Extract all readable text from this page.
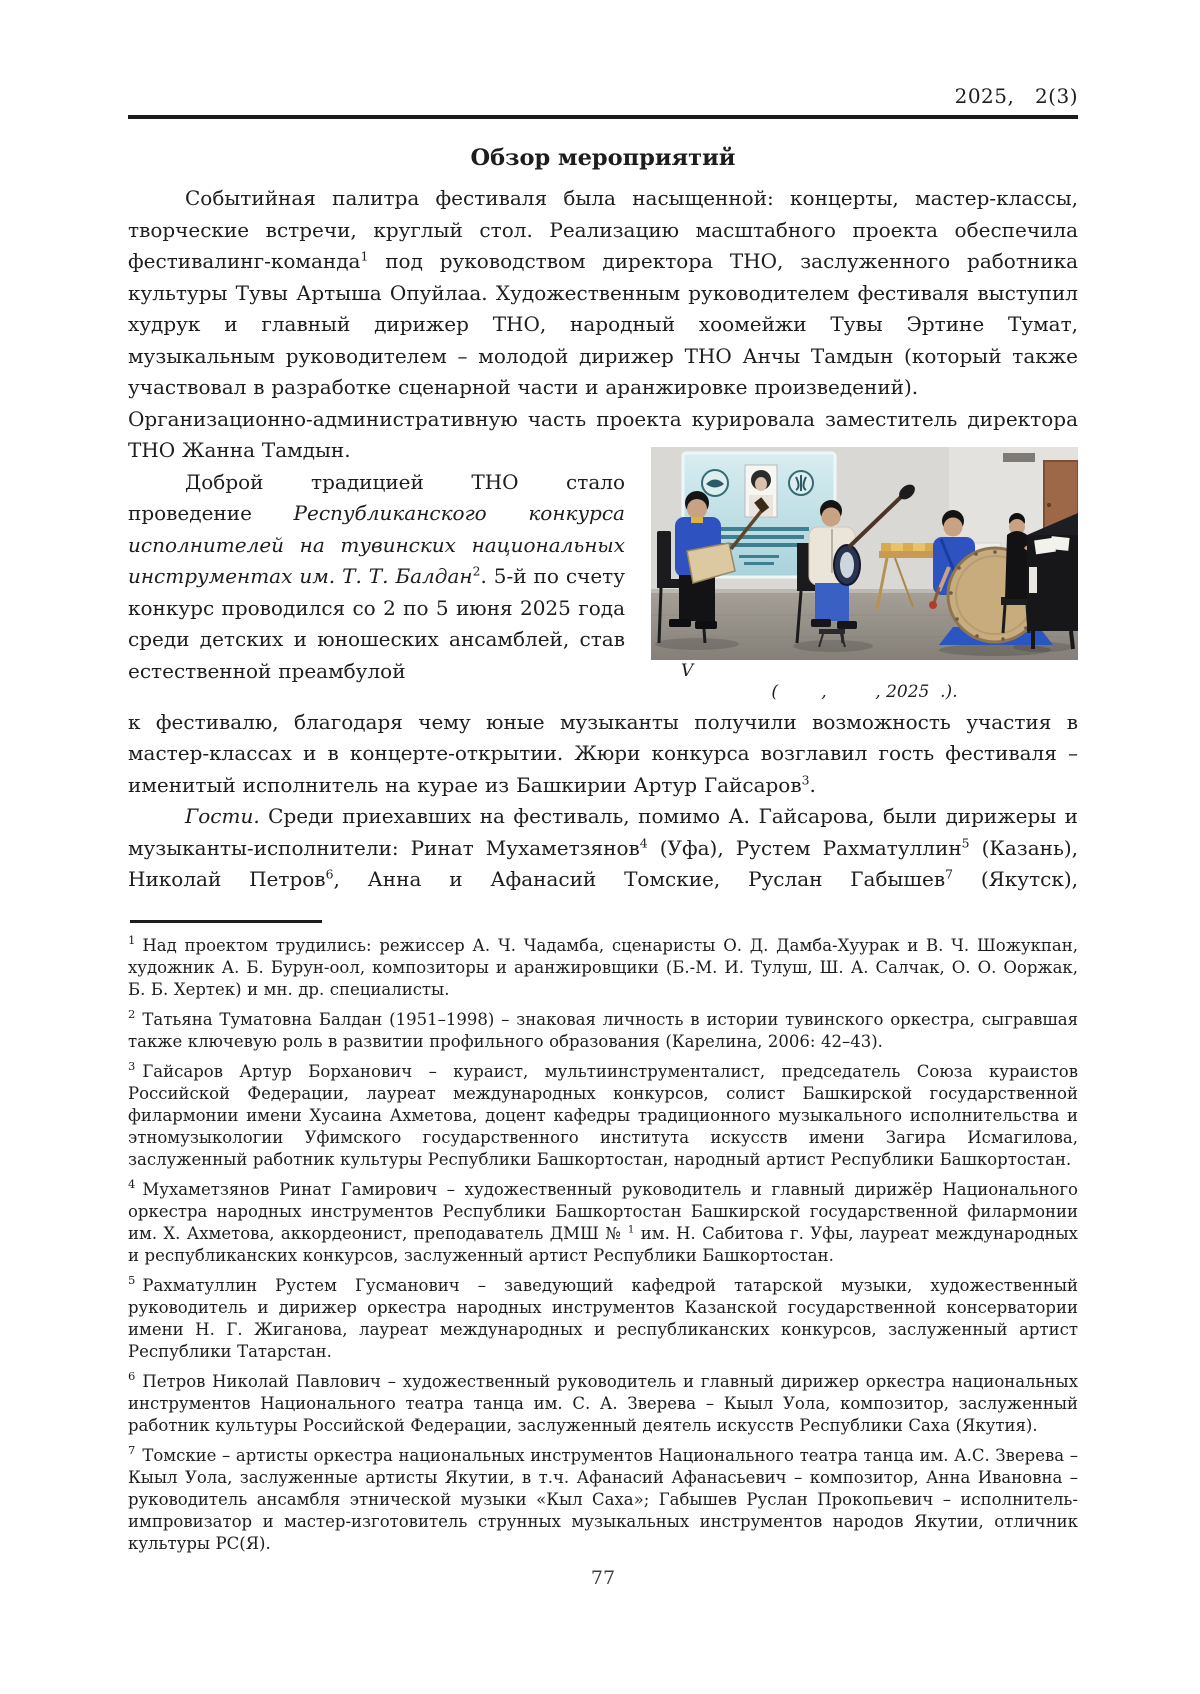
2025,   2(3)
Обзор мероприятий

Событийная палитра фестиваля была насыщенной: концерты, мастер-классы, творческие встречи, круглый стол. Реализацию масштабного проекта обеспечила фестивалинг-команда$^1$ под руководством директора ТНО, заслуженного работника культуры Тувы Артыша Опуйлаа. Художественным руководителем фестиваля выступил худрук и главный дирижер ТНО, народный хоомейжи Тувы Эртине Тумат, музыкальным руководителем – молодой дирижер ТНО Анчы Тамдын (который также участвовал в разработке сценарной части и аранжировке произведений).

Организационно-административную часть проекта курировала заместитель директора ТНО Жанна Тамдын.

V
(        ,         , 2025  .).

Доброй традицией ТНО стало проведение Республиканского конкурса исполнителей на тувинских национальных инструментах им. Т. Т. Балдан$^2$. 5-й по счету конкурс проводился со 2 по 5 июня 2025 года среди детских и юношеских ансамблей, став естественной преамбулой

к фестивалю, благодаря чему юные музыканты получили возможность участия в мастер-классах и в концерте-открытии. Жюри конкурса возглавил гость фестиваля – именитый исполнитель на курае из Башкирии Артур Гайсаров$^3$.

Гости. Среди приехавших на фестиваль, помимо А. Гайсарова, были дирижеры и музыканты-исполнители: Ринат Мухаметзянов$^4$ (Уфа), Рустем Рахматуллин$^5$ (Казань), Николай Петров$^6$, Анна и Афанасий Томские, Руслан Габышев$^7$ (Якутск),

$^1$ Над проектом трудились: режиссер А. Ч. Чадамба, сценаристы О. Д. Дамба-Хуурак и В. Ч. Шожукпан, художник А. Б. Бурун-оол, композиторы и аранжировщики (Б.-М. И. Тулуш, Ш. А. Салчак, О. О. Ооржак, Б. Б. Хертек) и мн. др. специалисты.

$^2$ Татьяна Туматовна Балдан (1951–1998) – знаковая личность в истории тувинского оркестра, сыгравшая также ключевую роль в развитии профильного образования (Карелина, 2006: 42–43).

$^3$ Гайсаров Артур Борханович – кураист, мультиинструменталист, председатель Союза кураистов Российской Федерации, лауреат международных конкурсов, солист Башкирской государственной филармонии имени Хусаина Ахметова, доцент кафедры традиционного музыкального исполнительства и этномузыкологии Уфимского государственного института искусств имени Загира Исмагилова, заслуженный работник культуры Республики Башкортостан, народный артист Республики Башкортостан.

$^4$ Мухаметзянов Ринат Гамирович – художественный руководитель и главный дирижёр Национального оркестра народных инструментов Республики Башкортостан Башкирской государственной филармонии им. Х. Ахметова, аккордеонист, преподаватель ДМШ № $^1$ им. Н. Сабитова г. Уфы, лауреат международных и республиканских конкурсов, заслуженный артист Республики Башкортостан.

$^5$ Рахматуллин Рустем Гусманович – заведующий кафедрой татарской музыки, художественный руководитель и дирижер оркестра народных инструментов Казанской государственной консерватории имени Н. Г. Жиганова, лауреат международных и республиканских конкурсов, заслуженный артист Республики Татарстан.

$^6$ Петров Николай Павлович – художественный руководитель и главный дирижер оркестра национальных инструментов Национального театра танца им. С. А. Зверева – Кыыл Уола, композитор, заслуженный работник культуры Российской Федерации, заслуженный деятель искусств Республики Саха (Якутия).

$^7$ Томские – артисты оркестра национальных инструментов Национального театра танца им. А.С. Зверева – Кыыл Уола, заслуженные артисты Якутии, в т.ч. Афанасий Афанасьевич – композитор, Анна Ивановна – руководитель ансамбля этнической музыки «Кыл Саха»; Габышев Руслан Прокопьевич – исполнитель-импровизатор и мастер-изготовитель струнных музыкальных инструментов народов Якутии, отличник культуры РС(Я).

77
